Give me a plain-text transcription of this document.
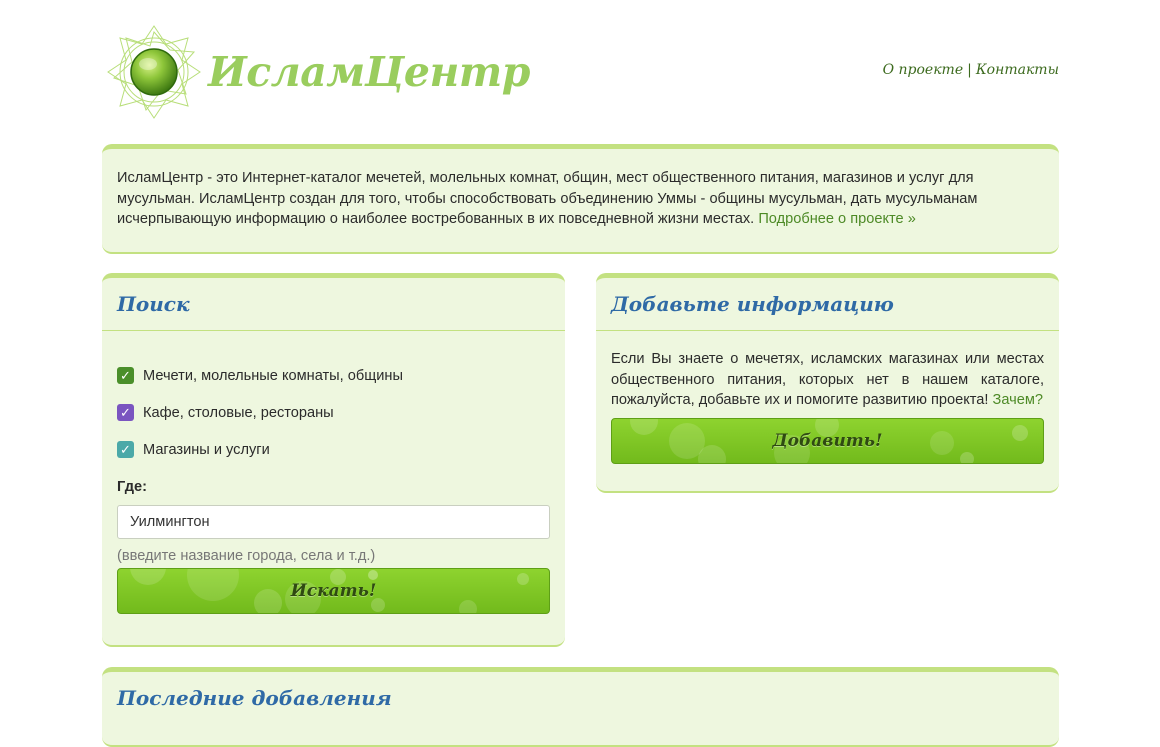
ИсламЦентр	О проекте | Контакты

ИсламЦентр - это Интернет-каталог мечетей, молельных комнат, общин, мест общественного питания, магазинов и услуг для мусульман. ИсламЦентр создан для того, чтобы способствовать объединению Уммы - общины мусульман, дать мусульманам исчерпывающую информацию о наиболее востребованных в их повседневной жизни местах. Подробнее о проекте »

Поиск
✓ Мечети, молельные комнаты, общины
✓ Кафе, столовые, рестораны
✓ Магазины и услуги
Где:
Уилмингтон
(введите название города, села и т.д.)
Искать!
Добавьте информацию

Если Вы знаете о мечетях, исламских магазинах или местах общественного питания, которых нет в нашем каталоге, пожалуйста, добавьте их и помогите развитию проекта! Зачем?

Добавить!
Последние добавления
